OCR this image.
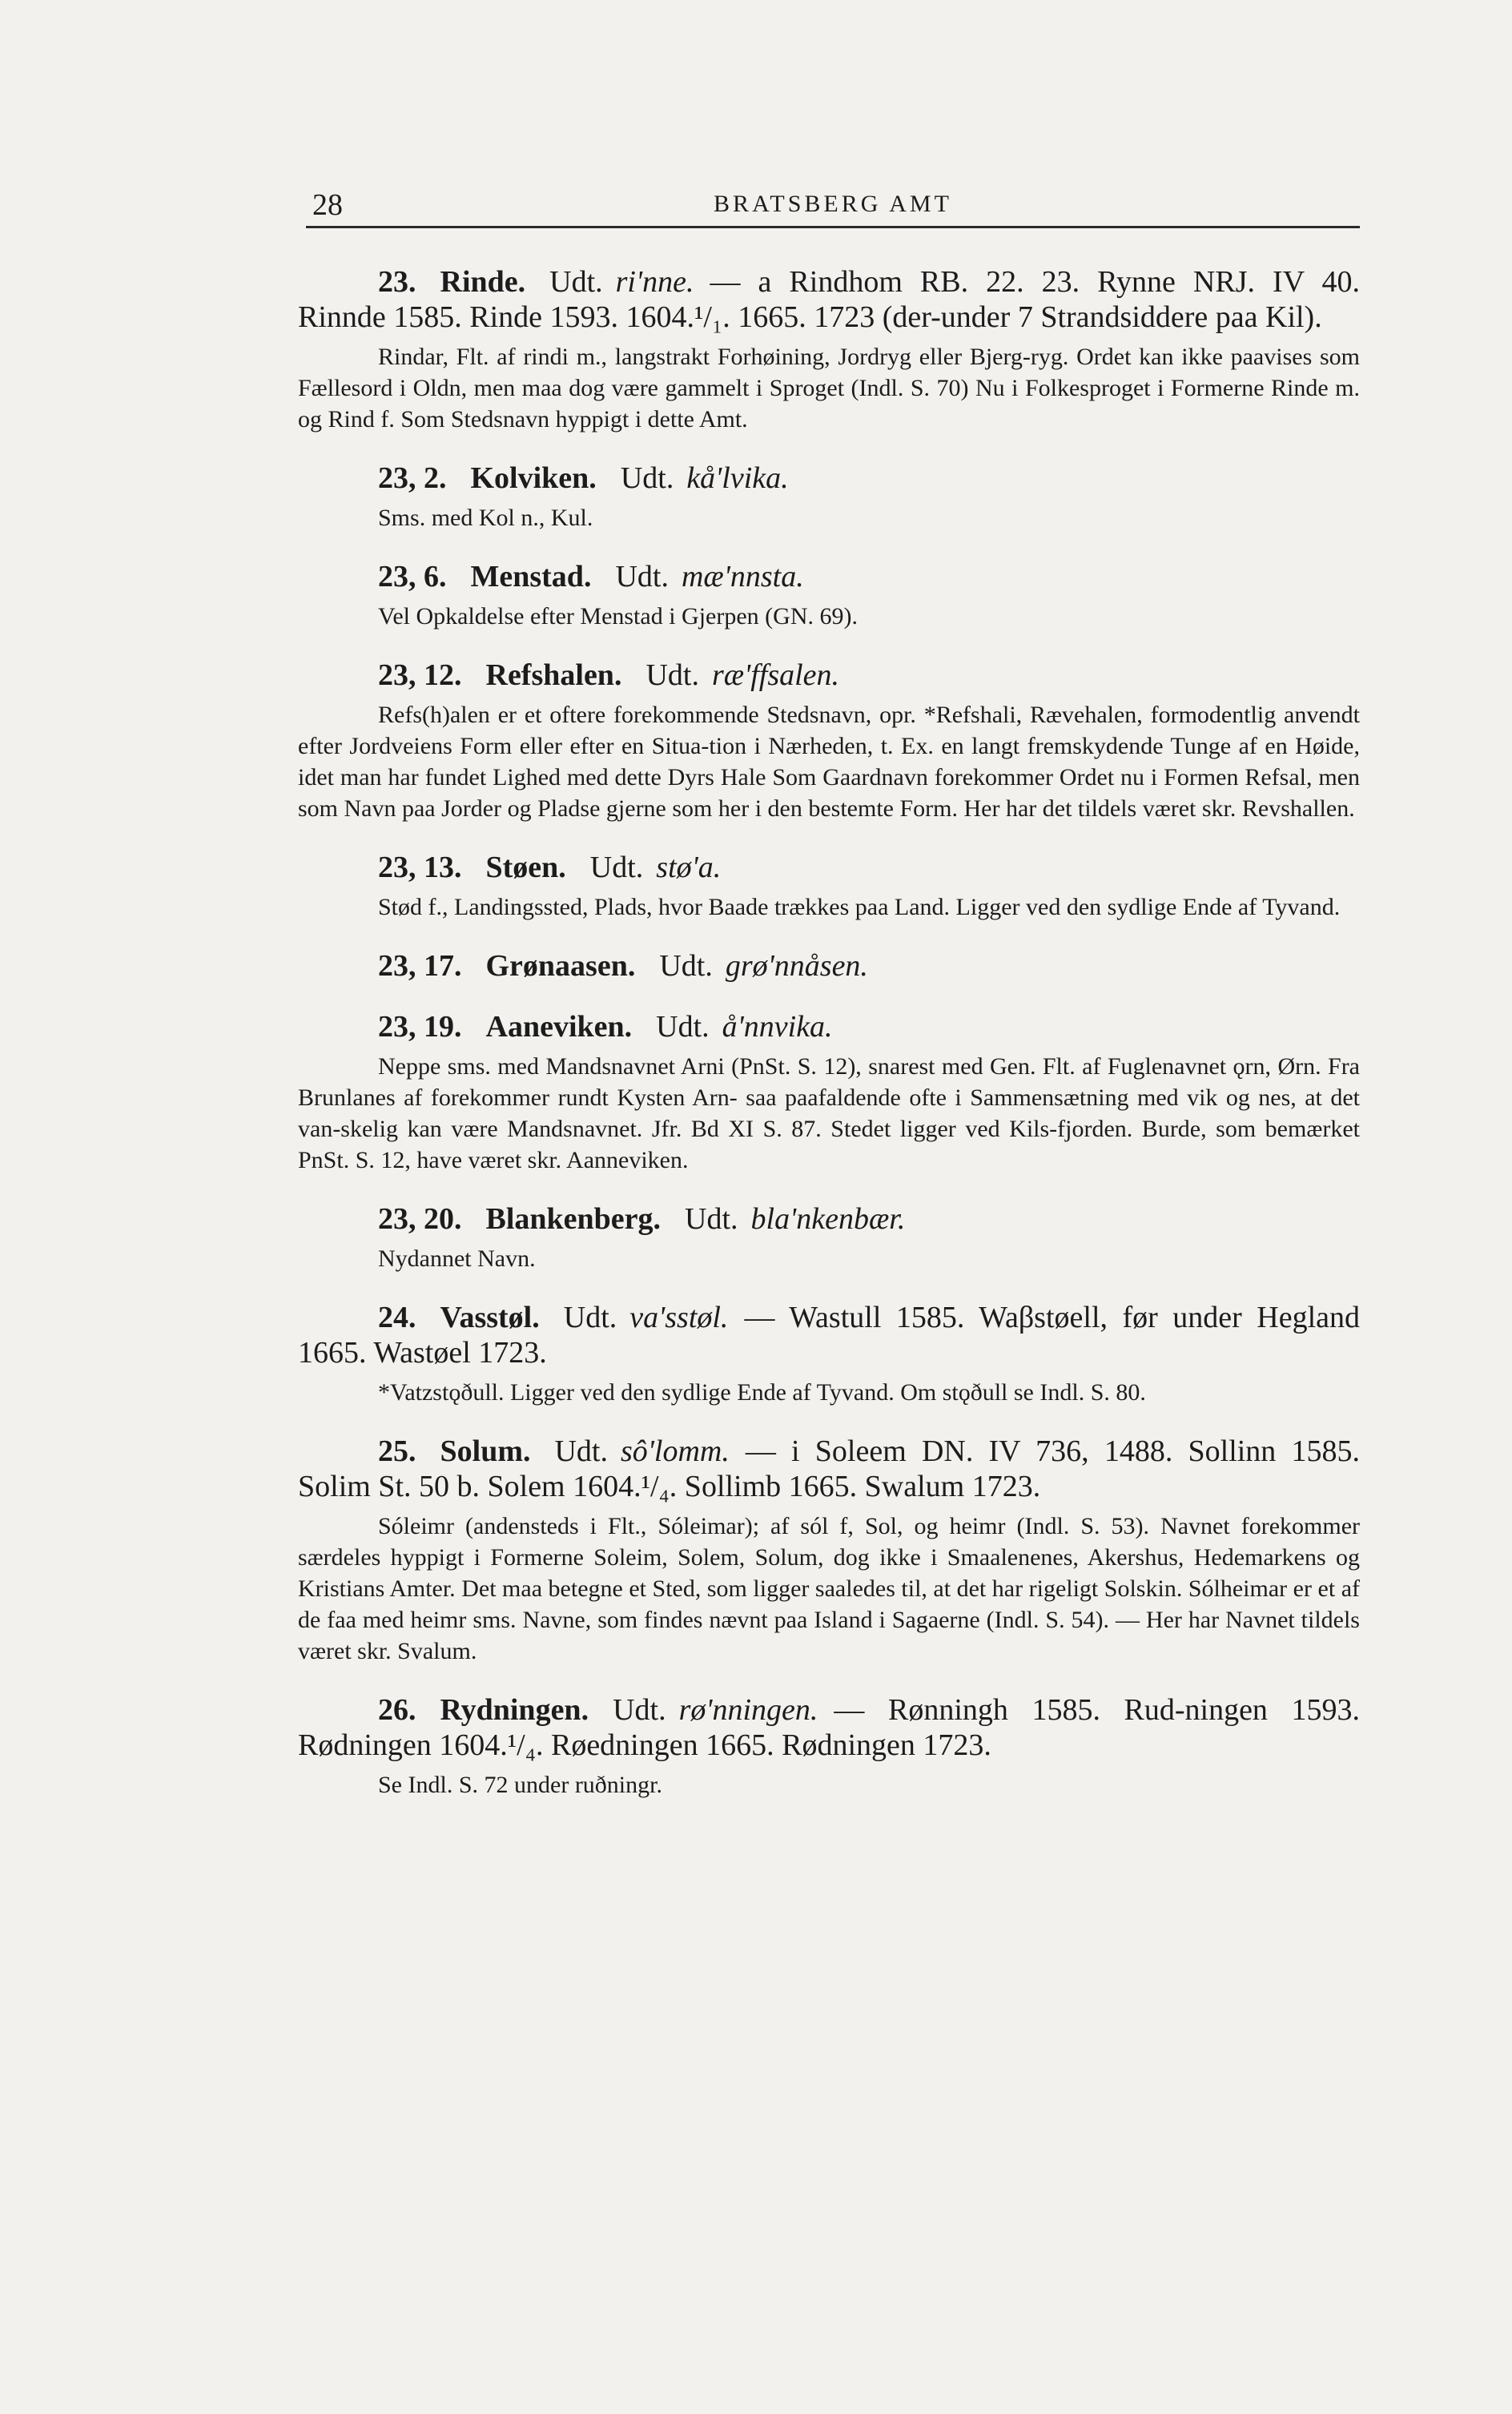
28	BRATSBERG AMT
23. Rinde. Udt. ri'nne. — a Rindhom RB. 22. 23. Rynne NRJ. IV 40. Rinnde 1585. Rinde 1593. 1604.¹/₁. 1665. 1723 (der-under 7 Strandsiddere paa Kil).
Rindar, Flt. af rindi m., langstrakt Forhøining, Jordryg eller Bjerg-ryg. Ordet kan ikke paavises som Fællesord i Oldn, men maa dog være gammelt i Sproget (Indl. S. 70) Nu i Folkesproget i Formerne Rinde m. og Rind f. Som Stedsnavn hyppigt i dette Amt.
23, 2. Kolviken. Udt. kå'lvika.
Sms. med Kol n., Kul.
23, 6. Menstad. Udt. mæ'nnsta.
Vel Opkaldelse efter Menstad i Gjerpen (GN. 69).
23, 12. Refshalen. Udt. ræ'ffsalen.
Refs(h)alen er et oftere forekommende Stedsnavn, opr. *Refshali, Rævehalen, formodentlig anvendt efter Jordveiens Form eller efter en Situa-tion i Nærheden, t. Ex. en langt fremskydende Tunge af en Høide, idet man har fundet Lighed med dette Dyrs Hale Som Gaardnavn forekommer Ordet nu i Formen Refsal, men som Navn paa Jorder og Pladse gjerne som her i den bestemte Form. Her har det tildels været skr. Revshallen.
23, 13. Støen. Udt. stø'a.
Stød f., Landingssted, Plads, hvor Baade trækkes paa Land. Ligger ved den sydlige Ende af Tyvand.
23, 17. Grønaasen. Udt. grø'nnåsen.
23, 19. Aaneviken. Udt. å'nnvika.
Neppe sms. med Mandsnavnet Arni (PnSt. S. 12), snarest med Gen. Flt. af Fuglenavnet ǫrn, Ørn. Fra Brunlanes af forekommer rundt Kysten Arn- saa paafaldende ofte i Sammensætning med vik og nes, at det van-skelig kan være Mandsnavnet. Jfr. Bd XI S. 87. Stedet ligger ved Kils-fjorden. Burde, som bemærket PnSt. S. 12, have været skr. Aanneviken.
23, 20. Blankenberg. Udt. bla'nkenbær.
Nydannet Navn.
24. Vasstøl. Udt. va'sstøl. — Wastull 1585. Waβstøell, før under Hegland 1665. Wastøel 1723.
*Vatzstǫðull. Ligger ved den sydlige Ende af Tyvand. Om stǫðull se Indl. S. 80.
25. Solum. Udt. sô'lomm. — i Soleem DN. IV 736, 1488. Sollinn 1585. Solim St. 50 b. Solem 1604.¹/₄. Sollimb 1665. Swalum 1723.
Sóleimr (andensteds i Flt., Sóleimar); af sól f, Sol, og heimr (Indl. S. 53). Navnet forekommer særdeles hyppigt i Formerne Soleim, Solem, Solum, dog ikke i Smaalenenes, Akershus, Hedemarkens og Kristians Amter. Det maa betegne et Sted, som ligger saaledes til, at det har rigeligt Solskin. Sólheimar er et af de faa med heimr sms. Navne, som findes nævnt paa Island i Sagaerne (Indl. S. 54). — Her har Navnet tildels været skr. Svalum.
26. Rydningen. Udt. rø'nningen. — Rønningh 1585. Rud-ningen 1593. Rødningen 1604.¹/₄. Røedningen 1665. Rødningen 1723.
Se Indl. S. 72 under ruðningr.
